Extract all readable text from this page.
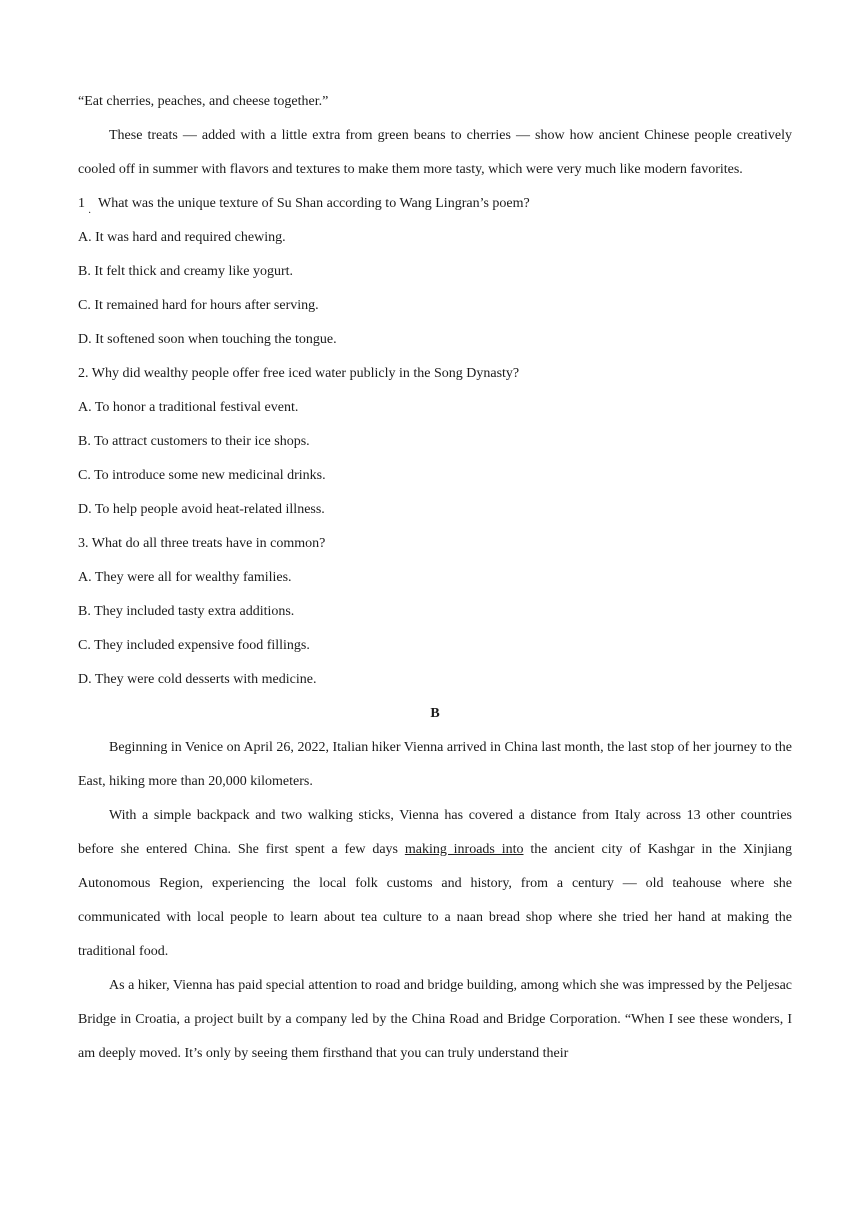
“Eat cherries, peaches, and cheese together.”

These treats — added with a little extra from green beans to cherries — show how ancient Chinese people creatively cooled off in summer with flavors and textures to make them more tasty, which were very much like modern favorites.

1
·
What was the unique texture of Su Shan according to Wang Lingran’s poem?

A. It was hard and required chewing.

B. It felt thick and creamy like yogurt.

C. It remained hard for hours after serving.

D. It softened soon when touching the tongue.

2. Why did wealthy people offer free iced water publicly in the Song Dynasty?

A. To honor a traditional festival event.

B. To attract customers to their ice shops.

C. To introduce some new medicinal drinks.

D. To help people avoid heat-related illness.

3. What do all three treats have in common?

A. They were all for wealthy families.

B. They included tasty extra additions.

C. They included expensive food fillings.

D. They were cold desserts with medicine.

B

Beginning in Venice on April 26, 2022, Italian hiker Vienna arrived in China last month, the last stop of her journey to the East, hiking more than 20,000 kilometers.

With a simple backpack and two walking sticks, Vienna has covered a distance from Italy across 13 other countries before she entered China. She first spent a few days making inroads into the ancient city of Kashgar in the Xinjiang Autonomous Region, experiencing the local folk customs and history, from a century — old teahouse where she communicated with local people to learn about tea culture to a naan bread shop where she tried her hand at making the traditional food.

As a hiker, Vienna has paid special attention to road and bridge building, among which she was impressed by the Peljesac Bridge in Croatia, a project built by a company led by the China Road and Bridge Corporation. “When I see these wonders, I am deeply moved. It’s only by seeing them firsthand that you can truly understand their
